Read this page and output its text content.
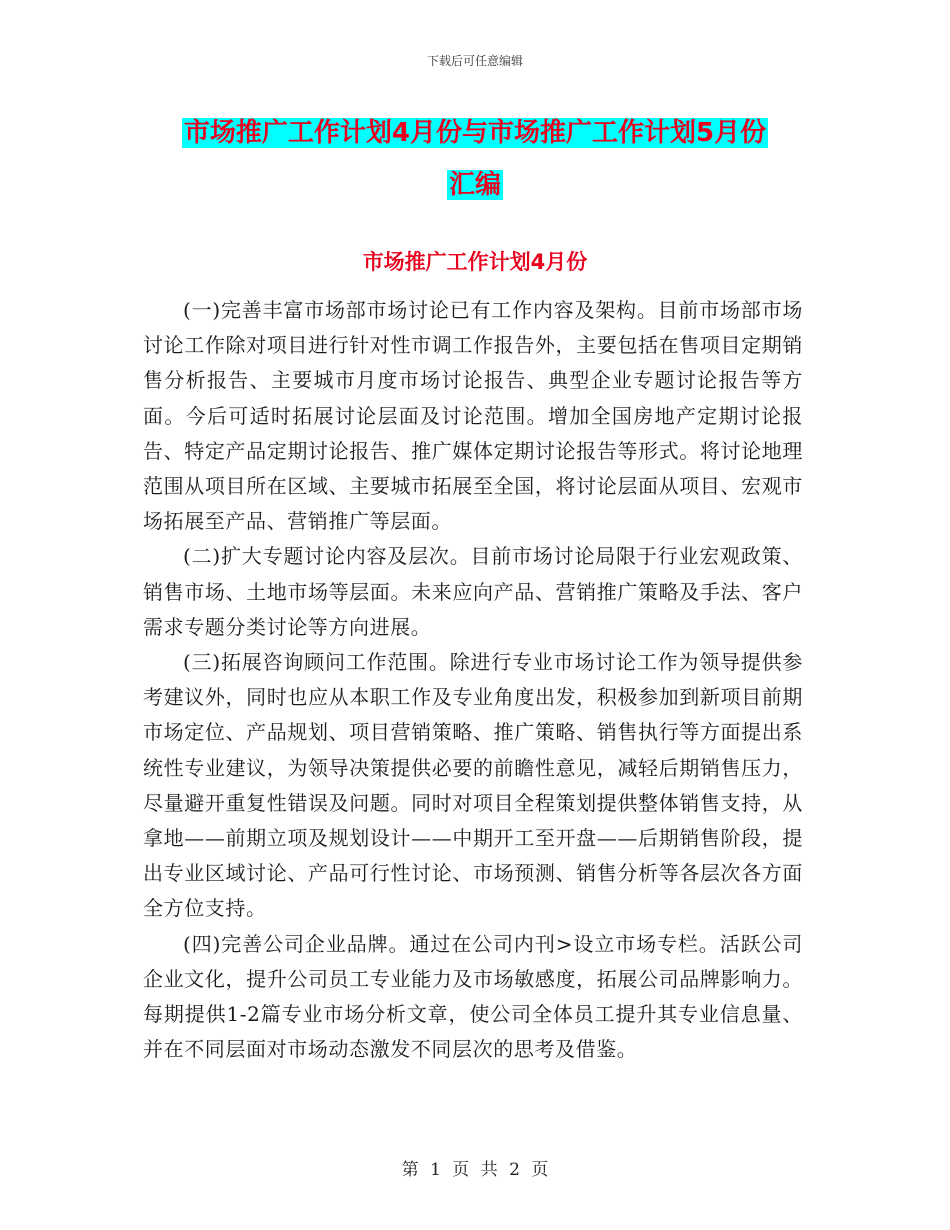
下载后可任意编辑
市场推广工作计划4月份与市场推广工作计划5月份
汇编
市场推广工作计划4月份

(一)完善丰富市场部市场讨论已有工作内容及架构。目前市场部市场讨论工作除对项目进行针对性市调工作报告外，主要包括在售项目定期销售分析报告、主要城市月度市场讨论报告、典型企业专题讨论报告等方面。今后可适时拓展讨论层面及讨论范围。增加全国房地产定期讨论报告、特定产品定期讨论报告、推广媒体定期讨论报告等形式。将讨论地理范围从项目所在区域、主要城市拓展至全国，将讨论层面从项目、宏观市场拓展至产品、营销推广等层面。

(二)扩大专题讨论内容及层次。目前市场讨论局限于行业宏观政策、销售市场、土地市场等层面。未来应向产品、营销推广策略及手法、客户需求专题分类讨论等方向进展。

(三)拓展咨询顾问工作范围。除进行专业市场讨论工作为领导提供参考建议外，同时也应从本职工作及专业角度出发，积极参加到新项目前期市场定位、产品规划、项目营销策略、推广策略、销售执行等方面提出系统性专业建议，为领导决策提供必要的前瞻性意见，减轻后期销售压力，尽量避开重复性错误及问题。同时对项目全程策划提供整体销售支持，从拿地——前期立项及规划设计——中期开工至开盘——后期销售阶段，提出专业区域讨论、产品可行性讨论、市场预测、销售分析等各层次各方面全方位支持。

(四)完善公司企业品牌。通过在公司内刊>设立市场专栏。活跃公司企业文化，提升公司员工专业能力及市场敏感度，拓展公司品牌影响力。每期提供1-2篇专业市场分析文章，使公司全体员工提升其专业信息量、并在不同层面对市场动态激发不同层次的思考及借鉴。

第 1 页 共 2 页
